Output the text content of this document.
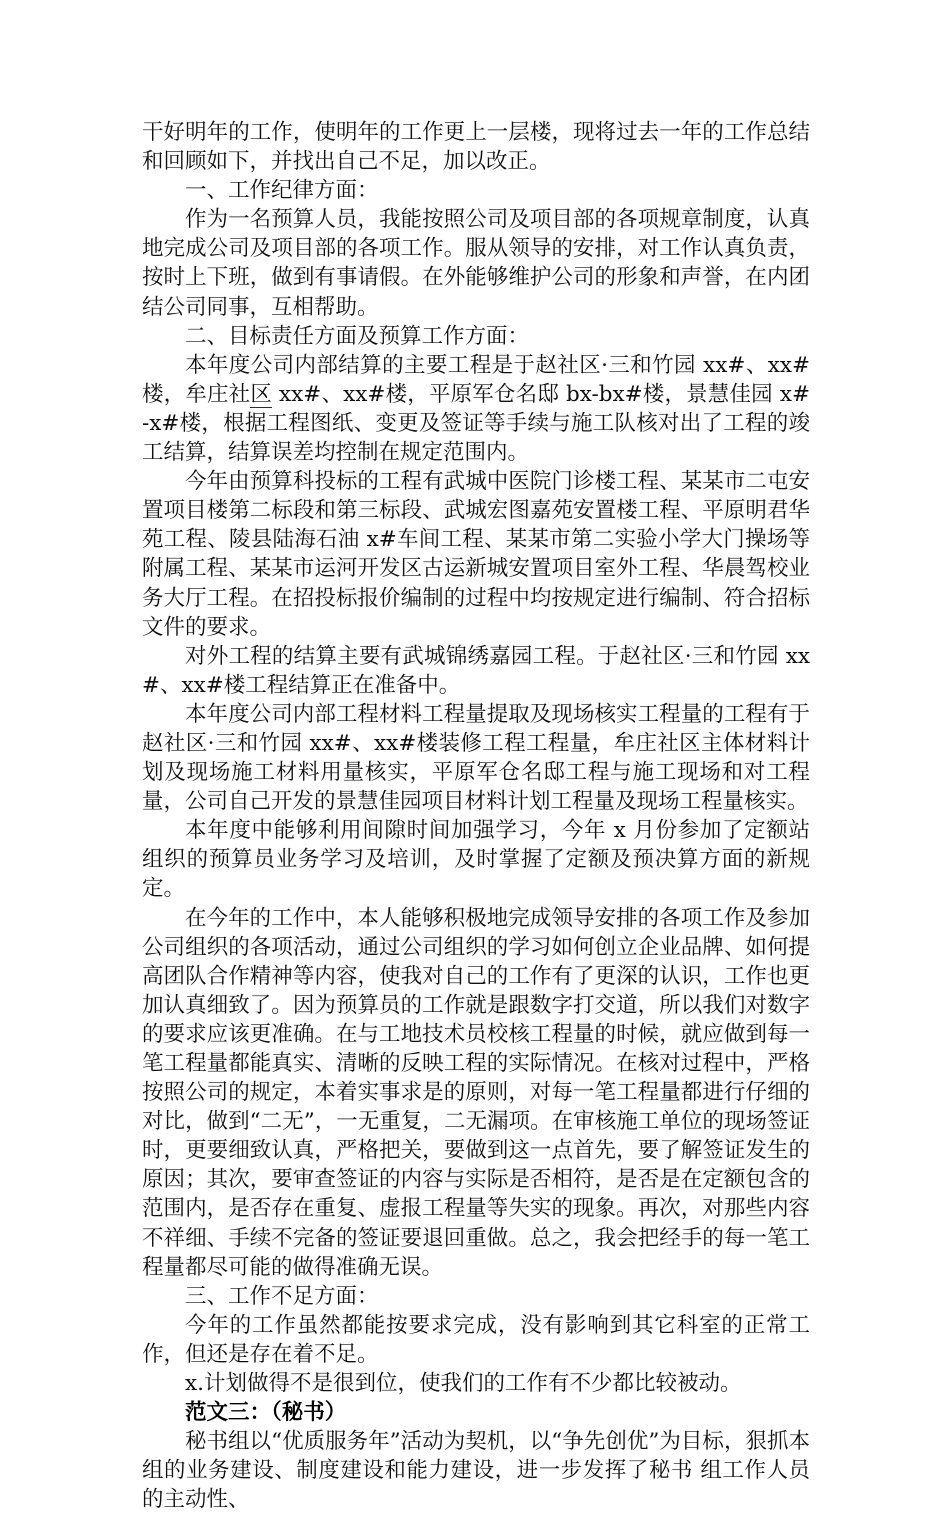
干好明年的工作，使明年的工作更上一层楼，现将过去一年的工作总结和回顾如下，并找出自己不足，加以改正。

一、工作纪律方面：

作为一名预算人员，我能按照公司及项目部的各项规章制度，认真地完成公司及项目部的各项工作。服从领导的安排，对工作认真负责，按时上下班，做到有事请假。在外能够维护公司的形象和声誉，在内团结公司同事，互相帮助。

二、目标责任方面及预算工作方面：

本年度公司内部结算的主要工程是于赵社区·三和竹园 xx#、xx#楼，牟庄社区 xx#、xx#楼，平原军仓名邸 bx-bx#楼，景慧佳园 x#-x#楼，根据工程图纸、变更及签证等手续与施工队核对出了工程的竣工结算，结算误差均控制在规定范围内。

今年由预算科投标的工程有武城中医院门诊楼工程、某某市二屯安置项目楼第二标段和第三标段、武城宏图嘉苑安置楼工程、平原明君华苑工程、陵县陆海石油 x#车间工程、某某市第二实验小学大门操场等附属工程、某某市运河开发区古运新城安置项目室外工程、华晨驾校业务大厅工程。在招投标报价编制的过程中均按规定进行编制、符合招标文件的要求。

对外工程的结算主要有武城锦绣嘉园工程。于赵社区·三和竹园 xx#、xx#楼工程结算正在准备中。

本年度公司内部工程材料工程量提取及现场核实工程量的工程有于赵社区·三和竹园 xx#、xx#楼装修工程工程量，牟庄社区主体材料计划及现场施工材料用量核实，平原军仓名邸工程与施工现场和对工程量，公司自己开发的景慧佳园项目材料计划工程量及现场工程量核实。

本年度中能够利用间隙时间加强学习，今年 x 月份参加了定额站组织的预算员业务学习及培训，及时掌握了定额及预决算方面的新规定。

在今年的工作中，本人能够积极地完成领导安排的各项工作及参加公司组织的各项活动，通过公司组织的学习如何创立企业品牌、如何提高团队合作精神等内容，使我对自己的工作有了更深的认识，工作也更加认真细致了。因为预算员的工作就是跟数字打交道，所以我们对数字的要求应该更准确。在与工地技术员校核工程量的时候，就应做到每一笔工程量都能真实、清晰的反映工程的实际情况。在核对过程中，严格按照公司的规定，本着实事求是的原则，对每一笔工程量都进行仔细的对比，做到“二无”，一无重复，二无漏项。在审核施工单位的现场签证时，更要细致认真，严格把关，要做到这一点首先，要了解签证发生的原因；其次，要审查签证的内容与实际是否相符，是否是在定额包含的范围内，是否存在重复、虚报工程量等失实的现象。再次，对那些内容不祥细、手续不完备的签证要退回重做。总之，我会把经手的每一笔工程量都尽可能的做得准确无误。

三、工作不足方面：

今年的工作虽然都能按要求完成，没有影响到其它科室的正常工作，但还是存在着不足。

x.计划做得不是很到位，使我们的工作有不少都比较被动。

范文三：（秘书）

秘书组以“优质服务年”活动为契机，以“争先创优”为目标，狠抓本组的业务建设、制度建设和能力建设，进一步发挥了秘书 组工作人员的主动性、
